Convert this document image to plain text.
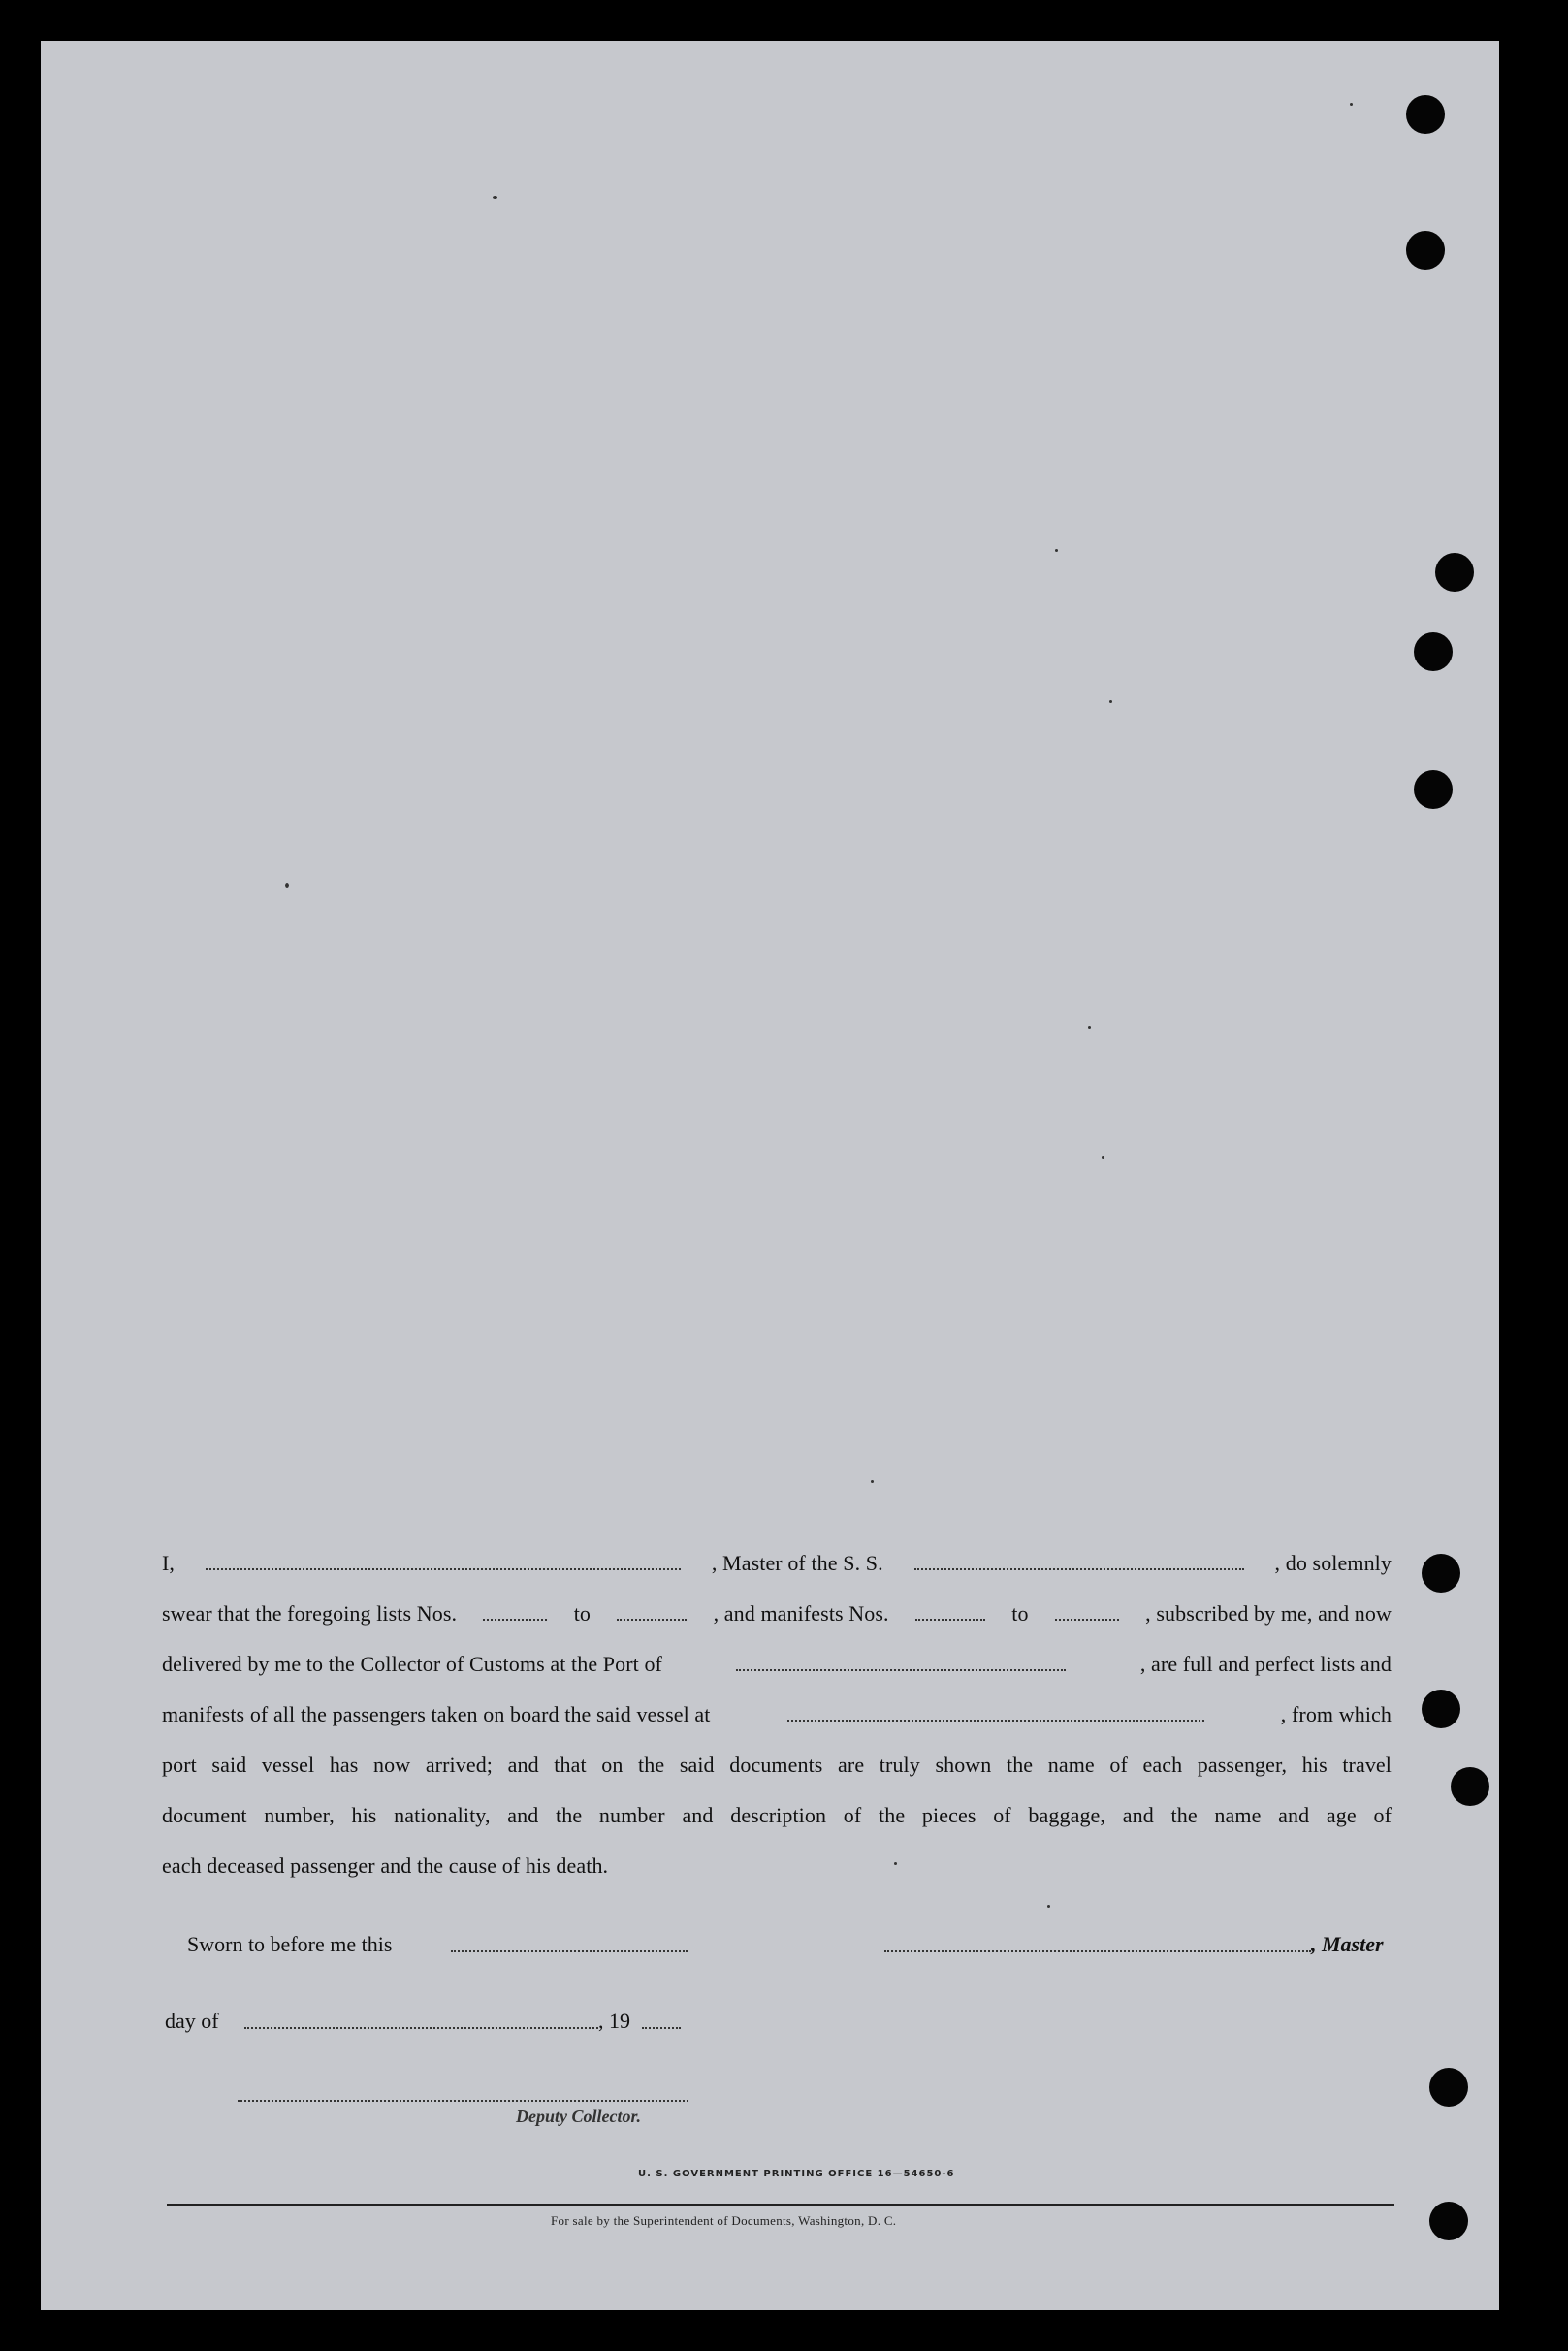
I,	, Master of the S. S.	, do solemnly
swear that the foregoing lists Nos.	to	, and manifests Nos.	to	, subscribed by me, and now
delivered by me to the Collector of Customs at the Port of	, are full and perfect lists and
manifests of all the passengers taken on board the said vessel at	, from which
port said vessel has now arrived; and that on the said documents are truly shown the name of each passenger, his travel
document number, his nationality, and the number and description of the pieces of baggage, and the name and age of
each deceased passenger and the cause of his death.
Sworn to before me this	, Master
day of	, 19
Deputy Collector.
U. S. GOVERNMENT PRINTING OFFICE 16—54650-6
For sale by the Superintendent of Documents, Washington, D. C.
